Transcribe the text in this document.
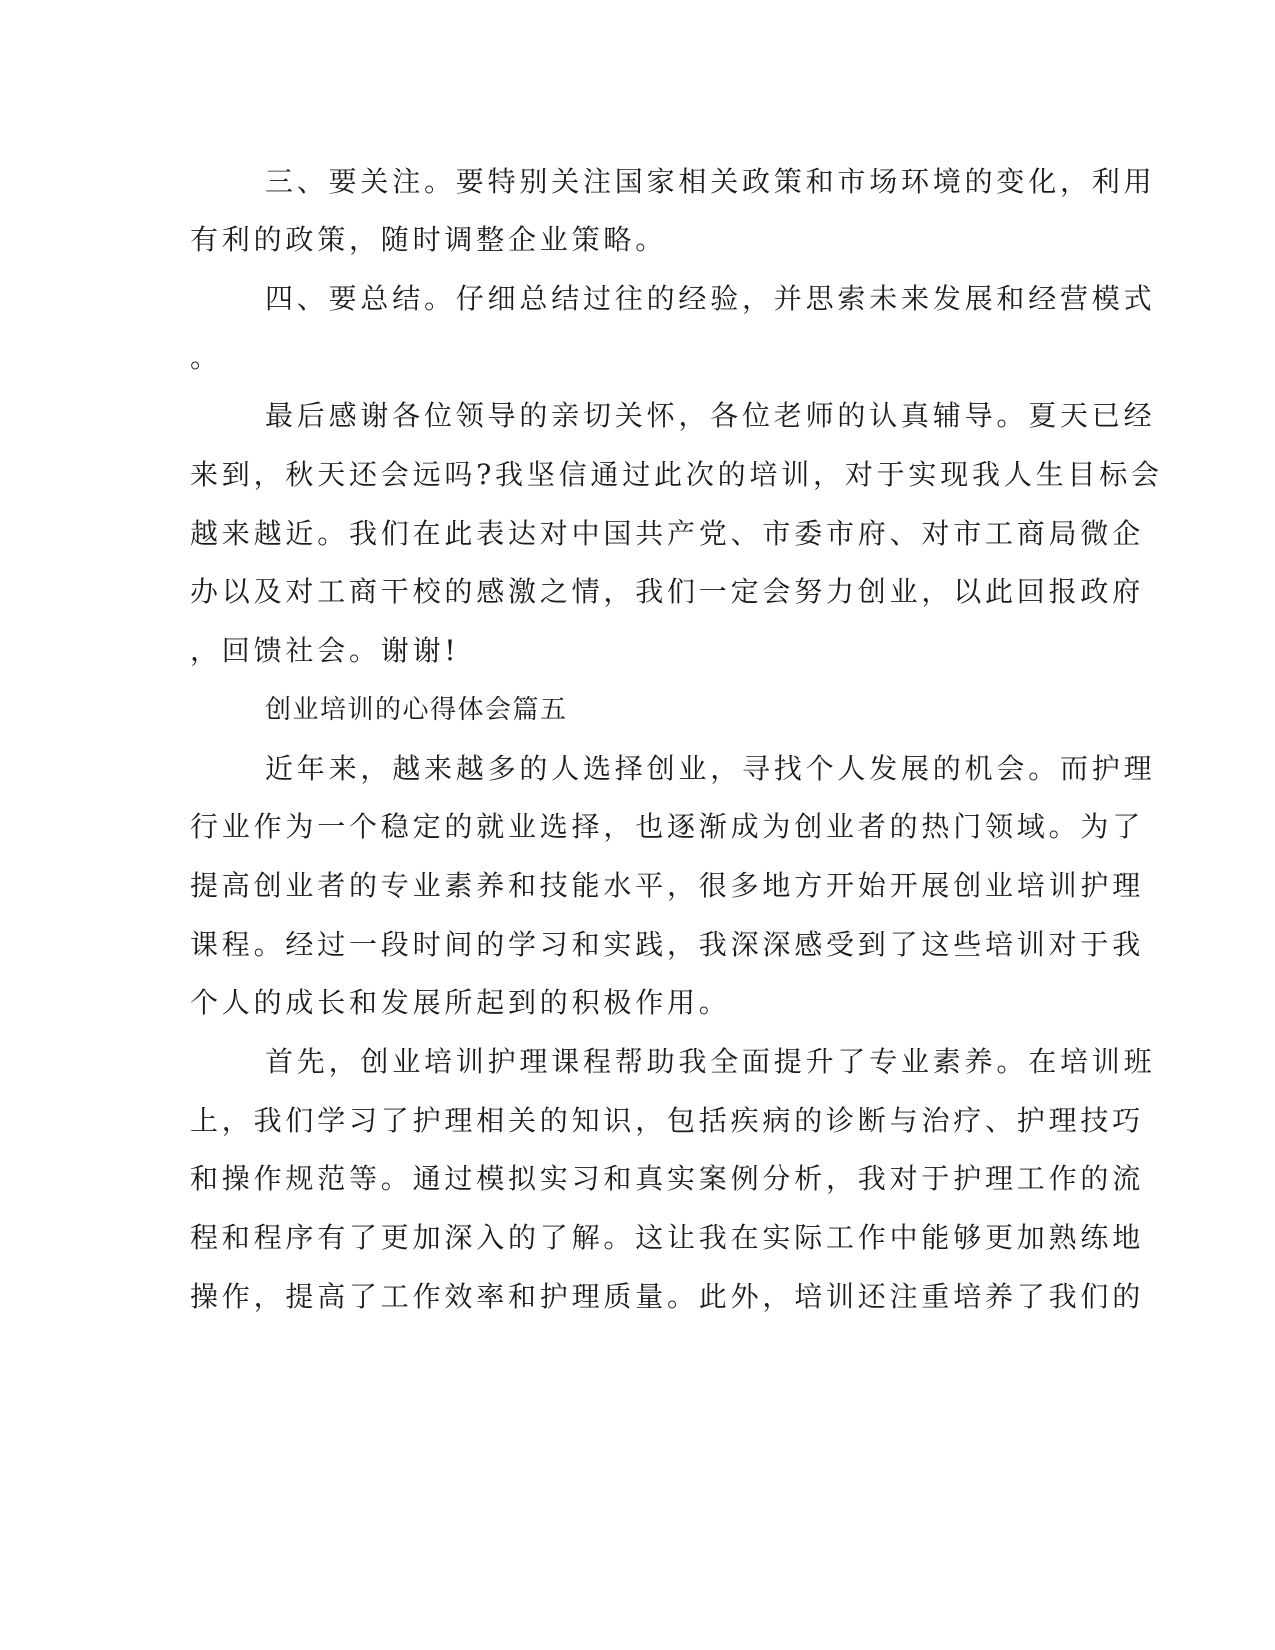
三、要关注。要特别关注国家相关政策和市场环境的变化，利用
有利的政策，随时调整企业策略。
四、要总结。仔细总结过往的经验，并思索未来发展和经营模式
。
最后感谢各位领导的亲切关怀，各位老师的认真辅导。夏天已经
来到，秋天还会远吗?我坚信通过此次的培训，对于实现我人生目标会
越来越近。我们在此表达对中国共产党、市委市府、对市工商局微企
办以及对工商干校的感激之情，我们一定会努力创业，以此回报政府
，回馈社会。谢谢!
创业培训的心得体会篇五
近年来，越来越多的人选择创业，寻找个人发展的机会。而护理
行业作为一个稳定的就业选择，也逐渐成为创业者的热门领域。为了
提高创业者的专业素养和技能水平，很多地方开始开展创业培训护理
课程。经过一段时间的学习和实践，我深深感受到了这些培训对于我
个人的成长和发展所起到的积极作用。
首先，创业培训护理课程帮助我全面提升了专业素养。在培训班
上，我们学习了护理相关的知识，包括疾病的诊断与治疗、护理技巧
和操作规范等。通过模拟实习和真实案例分析，我对于护理工作的流
程和程序有了更加深入的了解。这让我在实际工作中能够更加熟练地
操作，提高了工作效率和护理质量。此外，培训还注重培养了我们的
